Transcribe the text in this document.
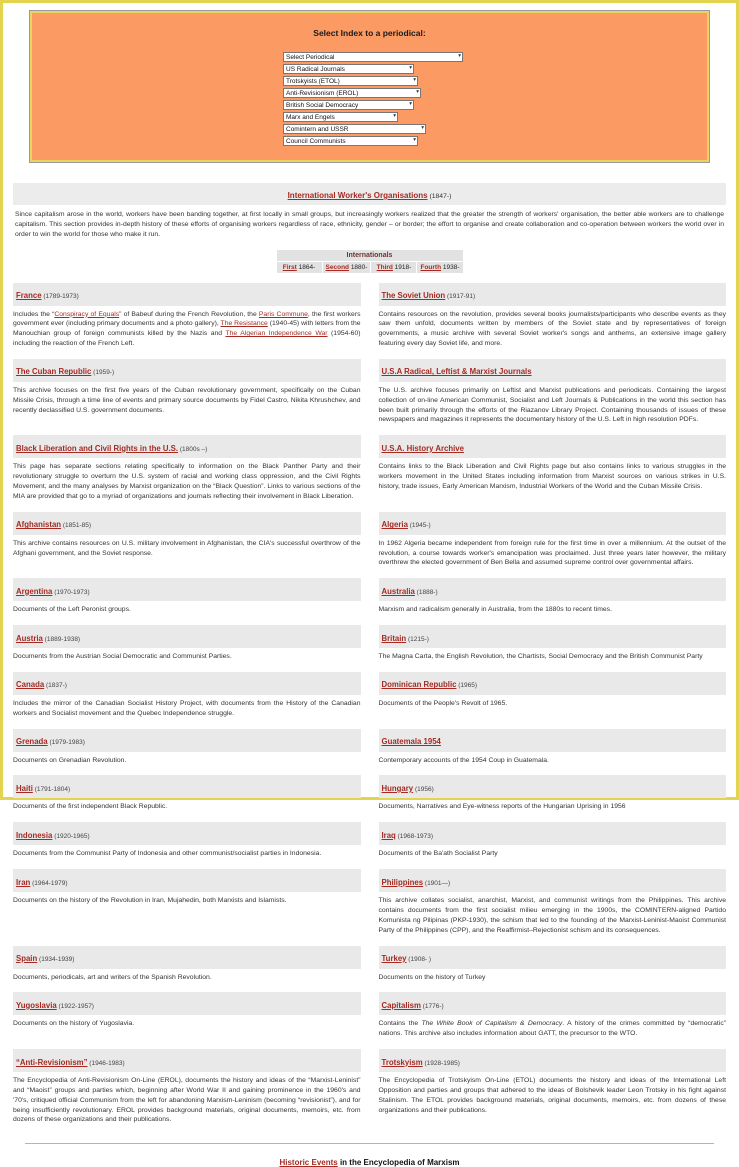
Select Index to a periodical:
Select Periodical
▾
US Radical Journals
▾
Trotskyists (ETOL)
▾
Anti-Revisionism (EROL)
▾
British Social Democracy
▾
Marx and Engels
▾
Comintern and USSR
▾
Council Communists
▾
International Worker's Organisations (1847-)

Since capitalism arose in the world, workers have been banding together, at first locally in small groups, but increasingly workers realized that the greater the strength of workers' organisation, the better able workers are to challenge capitalism. This section provides in-depth history of these efforts of organising workers regardless of race, ethnicity, gender – or border; the effort to organise and create collaboration and co-operation between workers the world over in order to win the world for those who make it run.

Internationals
First 1864-	Second 1880-	Third 1918-	Fourth 1938-
France (1789-1973)

Includes the “Conspiracy of Equals” of Babeuf during the French Revolution, the Paris Commune, the first workers government ever (including primary documents and a photo gallery), The Resistance (1940-45) with letters from the Manouchian group of foreign communists killed by the Nazis and The Algerian Independence War (1954-60) including the reaction of the French Left.

The Soviet Union (1917-91)

Contains resources on the revolution, provides several books journalists/participants who describe events as they saw them unfold, documents written by members of the Soviet state and by representatives of foreign governments, a music archive with several Soviet worker's songs and anthems, an extensive image gallery featuring every day Soviet life, and more.

The Cuban Republic (1959-)

This archive focuses on the first five years of the Cuban revolutionary government, specifically on the Cuban Missile Crisis, through a time line of events and primary source documents by Fidel Castro, Nikita Khrushchev, and recently declassified U.S. government documents.

U.S.A Radical, Leftist & Marxist Journals

The U.S. archive focuses primarily on Leftist and Marxist publications and periodicals. Containing the largest collection of on-line American Communist, Socialist and Left Journals & Publications in the world this section has been built primarily through the efforts of the Riazanov Library Project. Containing thousands of issues of these newspapers and magazines it represents the documentary history of the U.S. Left in high resolution PDFs.

Black Liberation and Civil Rights in the U.S. (1800s –)

This page has separate sections relating specifically to information on the Black Panther Party and their revolutionary struggle to overturn the U.S. system of racial and working class oppression, and the Civil Rights Movement, and the many analyses by Marxist organization on the “Black Question”. Links to various sections of the MIA are provided that go to a myriad of organizations and journals reflecting their involvement in Black Liberation.

U.S.A. History Archive

Contains links to the Black Liberation and Civil Rights page but also contains links to various struggles in the workers movement in the United States including information from Marxist sources on various strikes in U.S. history, trade issues, Early American Marxism, Industrial Workers of the World and the Cuban Missile Crisis.

Afghanistan (1851-85)

This archive contains resources on U.S. military involvement in Afghanistan, the CIA's successful overthrow of the Afghani government, and the Soviet response.

Algeria (1945-)

In 1962 Algeria became independent from foreign rule for the first time in over a millennium. At the outset of the revolution, a course towards worker's emancipation was proclaimed. Just three years later however, the military overthrew the elected government of Ben Bella and assumed supreme control over governmental affairs.

Argentina (1970-1973)

Documents of the Left Peronist groups.

Australia (1888-)

Marxism and radicalism generally in Australia, from the 1880s to recent times.

Austria (1889-1938)

Documents from the Austrian Social Democratic and Communist Parties.

Britain (1215-)

The Magna Carta, the English Revolution, the Chartists, Social Democracy and the British Communist Party

Canada (1837-)

Includes the mirror of the Canadian Socialist History Project, with documents from the History of the Canadian workers and Socialist movement and the Quebec Independence struggle.

Dominican Republic (1965)

Documents of the People's Revolt of 1965.

Grenada (1979-1983)

Documents on Grenadian Revolution.

Guatemala 1954

Contemporary accounts of the 1954 Coup in Guatemala.

Haiti (1791-1804)

Documents of the first independent Black Republic.

Hungary (1956)

Documents, Narratives and Eye-witness reports of the Hungarian Uprising in 1956

Indonesia (1920-1965)

Documents from the Communist Party of Indonesia and other communist/socialist parties in Indonesia.

Iraq (1968-1973)

Documents of the Ba'ath Socialist Party

Iran (1964-1979)

Documents on the history of the Revolution in Iran, Mujahedin, both Marxists and Islamists.

Philippines (1901—)

This archive collates socialist, anarchist, Marxist, and communist writings from the Philippines. This archive contains documents from the first socialist milieu emerging in the 1900s, the COMINTERN-aligned Partido Komunista ng Pilipinas (PKP-1930), the schism that led to the founding of the Marxist-Leninist-Maoist Communist Party of the Philippines (CPP), and the Reaffirmist–Rejectionist schism and its consequences.

Spain (1934-1939)

Documents, periodicals, art and writers of the Spanish Revolution.

Turkey (1908- )

Documents on the history of Turkey

Yugoslavia (1922-1957)

Documents on the history of Yugoslavia.

Capitalism (1776-)

Contains the The White Book of Capitalism & Democracy. A history of the crimes committed by “democratic” nations. This archive also includes information about GATT, the precursor to the WTO.

“Anti-Revisionism” (1946-1983)

The Encyclopedia of Anti-Revisionism On-Line (EROL), documents the history and ideas of the “Marxist-Leninist” and “Maoist” groups and parties which, beginning after World War II and gaining prominence in the 1960's and '70's, critiqued official Communism from the left for abandoning Marxism-Leninism (becoming “revisionist”), and for being insufficiently revolutionary. EROL provides background materials, original documents, memoirs, etc. from dozens of these organizations and their publications.

Trotskyism (1928-1985)

The Encyclopedia of Trotskyism On-Line (ETOL) documents the history and ideas of the International Left Opposition and parties and groups that adhered to the ideas of Bolshevik leader Leon Trotsky in his fight against Stalinism. The ETOL provides background materials, original documents, memoirs, etc. from dozens of these organizations and their publications.

Historic Events in the Encyclopedia of Marxism
